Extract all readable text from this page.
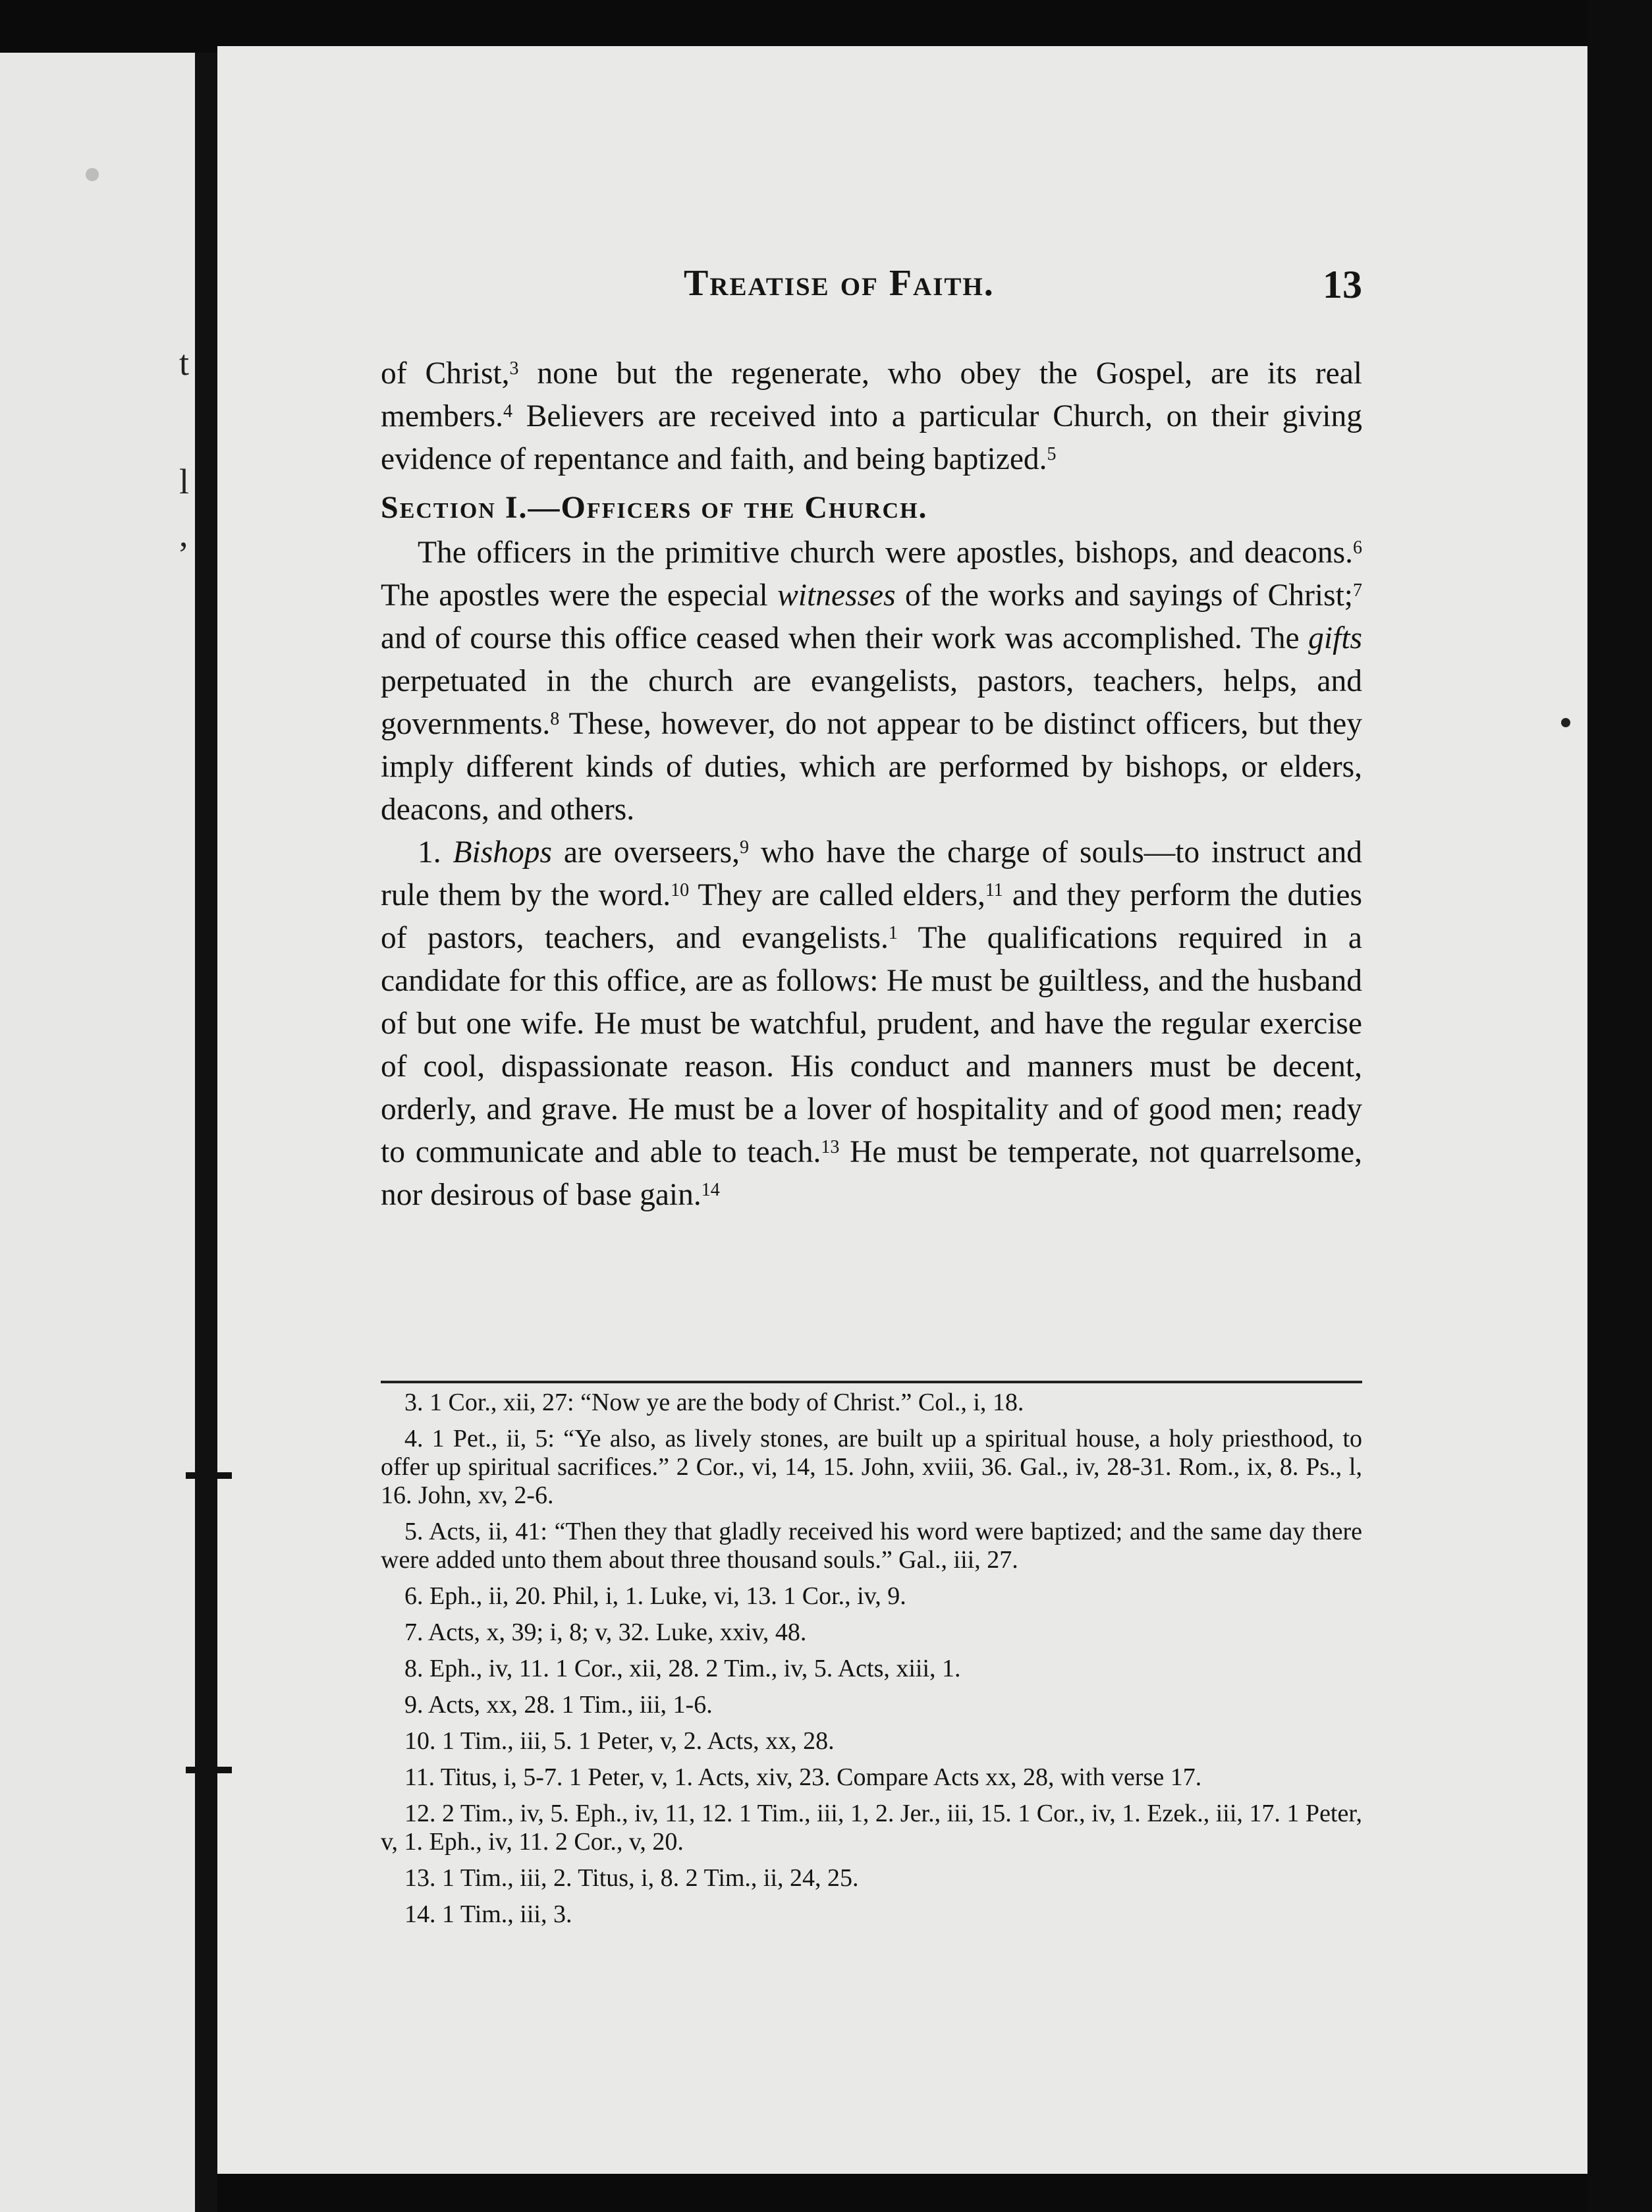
t
l
,
Treatise of Faith.	13

of Christ,$^3$ none but the regenerate, who obey the Gospel, are its real members.$^4$ Believers are received into a particular Church, on their giving evidence of repentance and faith, and being baptized.$^5$

Section I.—Officers of the Church.

The officers in the primitive church were apostles, bishops, and deacons.$^6$ The apostles were the especial witnesses of the works and sayings of Christ;$^7$ and of course this office ceased when their work was accomplished. The gifts perpetuated in the church are evangelists, pastors, teachers, helps, and governments.$^8$ These, however, do not appear to be distinct officers, but they imply different kinds of duties, which are performed by bishops, or elders, deacons, and others.

1. Bishops are overseers,$^9$ who have the charge of souls—to instruct and rule them by the word.$^{10}$ They are called elders,$^{11}$ and they perform the duties of pastors, teachers, and evangelists.$^1$ The qualifications required in a candidate for this office, are as follows: He must be guiltless, and the husband of but one wife. He must be watchful, prudent, and have the regular exercise of cool, dispassionate reason. His conduct and manners must be decent, orderly, and grave. He must be a lover of hospitality and of good men; ready to communicate and able to teach.$^{13}$ He must be temperate, not quarrelsome, nor desirous of base gain.$^{14}$

3. 1 Cor., xii, 27: “Now ye are the body of Christ.” Col., i, 18.

4. 1 Pet., ii, 5: “Ye also, as lively stones, are built up a spiritual house, a holy priesthood, to offer up spiritual sacrifices.” 2 Cor., vi, 14, 15. John, xviii, 36. Gal., iv, 28-31. Rom., ix, 8. Ps., l, 16. John, xv, 2-6.

5. Acts, ii, 41: “Then they that gladly received his word were baptized; and the same day there were added unto them about three thousand souls.” Gal., iii, 27.

6. Eph., ii, 20. Phil, i, 1. Luke, vi, 13. 1 Cor., iv, 9.

7. Acts, x, 39; i, 8; v, 32. Luke, xxiv, 48.

8. Eph., iv, 11. 1 Cor., xii, 28. 2 Tim., iv, 5. Acts, xiii, 1.

9. Acts, xx, 28. 1 Tim., iii, 1-6.

10. 1 Tim., iii, 5. 1 Peter, v, 2. Acts, xx, 28.

11. Titus, i, 5-7. 1 Peter, v, 1. Acts, xiv, 23. Compare Acts xx, 28, with verse 17.

12. 2 Tim., iv, 5. Eph., iv, 11, 12. 1 Tim., iii, 1, 2. Jer., iii, 15. 1 Cor., iv, 1. Ezek., iii, 17. 1 Peter, v, 1. Eph., iv, 11. 2 Cor., v, 20.

13. 1 Tim., iii, 2. Titus, i, 8. 2 Tim., ii, 24, 25.

14. 1 Tim., iii, 3.
